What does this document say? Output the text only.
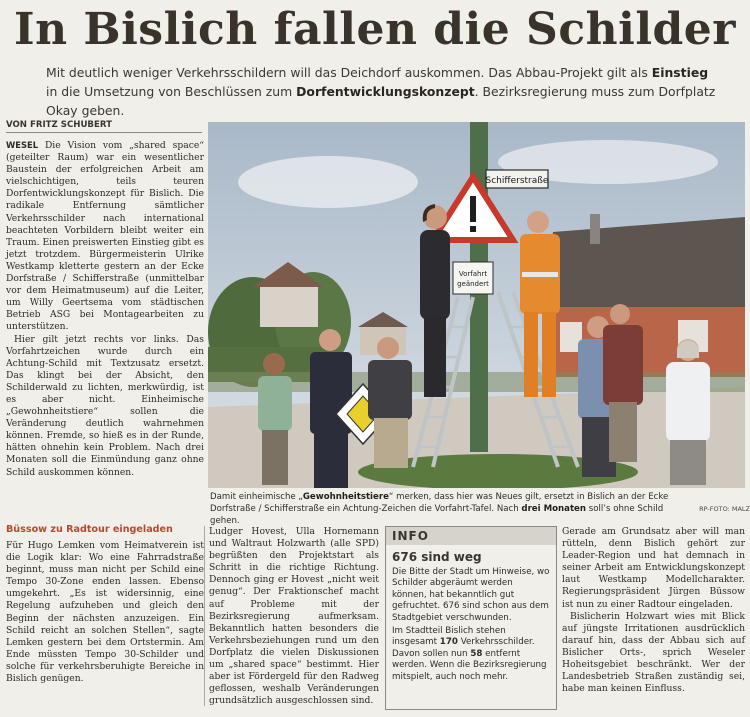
In Bislich fallen die Schilder
Mit deutlich weniger Verkehrsschildern will das Deichdorf auskommen. Das Abbau-Projekt gilt als Einstieg in die Umsetzung von Beschlüssen zum Dorfentwicklungskonzept. Bezirksregierung muss zum Dorfplatz Okay geben.
VON FRITZ SCHUBERT

WESEL Die Vision vom „shared space“ (geteilter Raum) war ein wesentlicher Baustein der erfolgreichen Arbeit am vielschichtigen, teils teuren Dorfentwicklungskonzept für Bislich. Die radikale Entfernung sämtlicher Verkehrsschilder nach international beachteten Vorbildern bleibt weiter ein Traum. Einen preiswerten Einstieg gibt es jetzt trotzdem. Bürgermeisterin Ulrike Westkamp kletterte gestern an der Ecke Dorfstraße / Schifferstraße (unmittelbar vor dem Heimatmuseum) auf die Leiter, um Willy Geertsema vom städtischen Betrieb ASG bei Montagearbeiten zu unterstützen.

Hier gilt jetzt rechts vor links. Das Vorfahrtzeichen wurde durch ein Achtung-Schild mit Textzusatz ersetzt. Das klingt bei der Absicht, den Schilderwald zu lichten, merkwürdig, ist es aber nicht. Einheimische „Gewohnheitstiere“ sollen die Veränderung deutlich wahrnehmen können. Fremde, so hieß es in der Runde, hätten ohnehin kein Problem. Nach drei Monaten soll die Einmündung ganz ohne Schild auskommen können.

Schifferstraße
Vorfahrt
geändert
RP-FOTO: MALZ
Damit einheimische „Gewohnheitstiere“ merken, dass hier was Neues gilt, ersetzt in Bislich an der Ecke Dorfstraße / Schifferstraße ein Achtung-Zeichen die Vorfahrt-Tafel. Nach drei Monaten soll’s ohne Schild gehen.
Büssow zu Radtour eingeladen

Für Hugo Lemken vom Heimatverein ist die Logik klar: Wo eine Fahrradstraße beginnt, muss man nicht per Schild eine Tempo 30-Zone enden lassen. Ebenso umgekehrt. „Es ist widersinnig, eine Regelung aufzuheben und gleich den Beginn der nächsten anzuzeigen. Ein Schild reicht an solchen Stellen“, sagte Lemken gestern bei dem Ortstermin. Am Ende müssten Tempo 30-Schilder und solche für verkehrsberuhigte Bereiche in Bislich genügen.

Ludger Hovest, Ulla Hornemann und Waltraut Holzwarth (alle SPD) begrüßten den Projektstart als Schritt in die richtige Richtung. Dennoch ging er Hovest „nicht weit genug“. Der Fraktionschef macht auf Probleme mit der Bezirksregierung aufmerksam. Bekanntlich hatten besonders die Verkehrsbeziehungen rund um den Dorfplatz die vielen Diskussionen um „shared space“ bestimmt. Hier aber ist Fördergeld für den Radweg geflossen, weshalb Veränderungen grundsätzlich ausgeschlossen sind.

INFO
676 sind weg

Die Bitte der Stadt um Hinweise, wo Schilder abgeräumt werden können, hat bekanntlich gut gefruchtet. 676 sind schon aus dem Stadtgebiet verschwunden.

Im Stadtteil Bislich stehen insgesamt 170 Verkehrsschilder. Davon sollen nun 58 entfernt werden. Wenn die Bezirksregierung mitspielt, auch noch mehr.

Gerade am Grundsatz aber will man rütteln, denn Bislich gehört zur Leader-Region und hat demnach in seiner Arbeit am Entwicklungskonzept laut Westkamp Modellcharakter. Regierungspräsident Jürgen Büssow ist nun zu einer Radtour eingeladen.

Bislicherin Holzwart wies mit Blick auf jüngste Irritationen ausdrücklich darauf hin, dass der Abbau sich auf Bislicher Orts-, sprich Weseler Hoheitsgebiet beschränkt. Wer der Landesbetrieb Straßen zuständig sei, habe man keinen Einfluss.
